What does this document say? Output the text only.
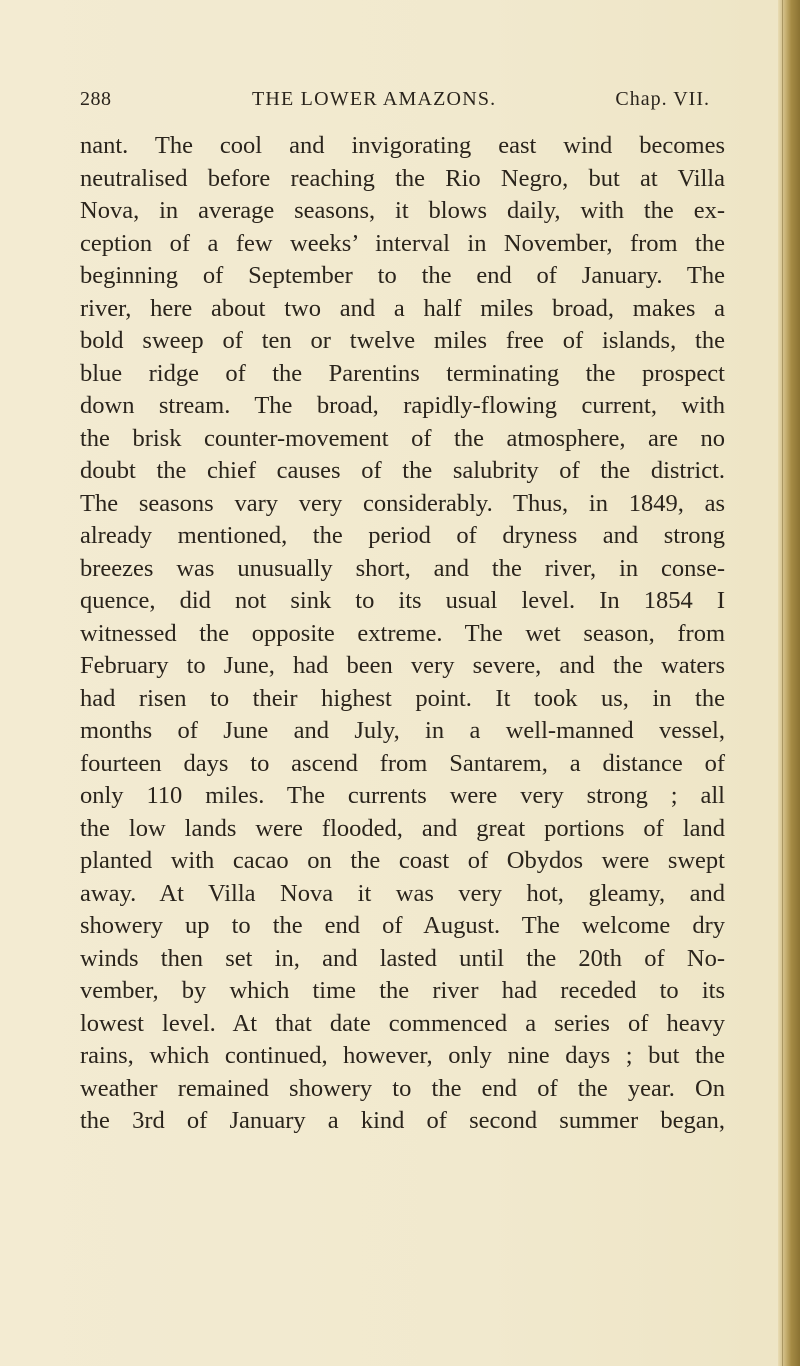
288	THE LOWER AMAZONS.	Chap. VII.
nant. The cool and invigorating east wind becomes
neutralised before reaching the Rio Negro, but at Villa
Nova, in average seasons, it blows daily, with the ex-
ception of a few weeks’ interval in November, from the
beginning of September to the end of January. The
river, here about two and a half miles broad, makes a
bold sweep of ten or twelve miles free of islands, the
blue ridge of the Parentins terminating the prospect
down stream. The broad, rapidly-flowing current, with
the brisk counter-movement of the atmosphere, are no
doubt the chief causes of the salubrity of the district.
The seasons vary very considerably. Thus, in 1849, as
already mentioned, the period of dryness and strong
breezes was unusually short, and the river, in conse-
quence, did not sink to its usual level. In 1854 I
witnessed the opposite extreme. The wet season, from
February to June, had been very severe, and the waters
had risen to their highest point. It took us, in the
months of June and July, in a well-manned vessel,
fourteen days to ascend from Santarem, a distance of
only 110 miles. The currents were very strong ; all
the low lands were flooded, and great portions of land
planted with cacao on the coast of Obydos were swept
away. At Villa Nova it was very hot, gleamy, and
showery up to the end of August. The welcome dry
winds then set in, and lasted until the 20th of No-
vember, by which time the river had receded to its
lowest level. At that date commenced a series of heavy
rains, which continued, however, only nine days ; but the
weather remained showery to the end of the year. On
the 3rd of January a kind of second summer began,
